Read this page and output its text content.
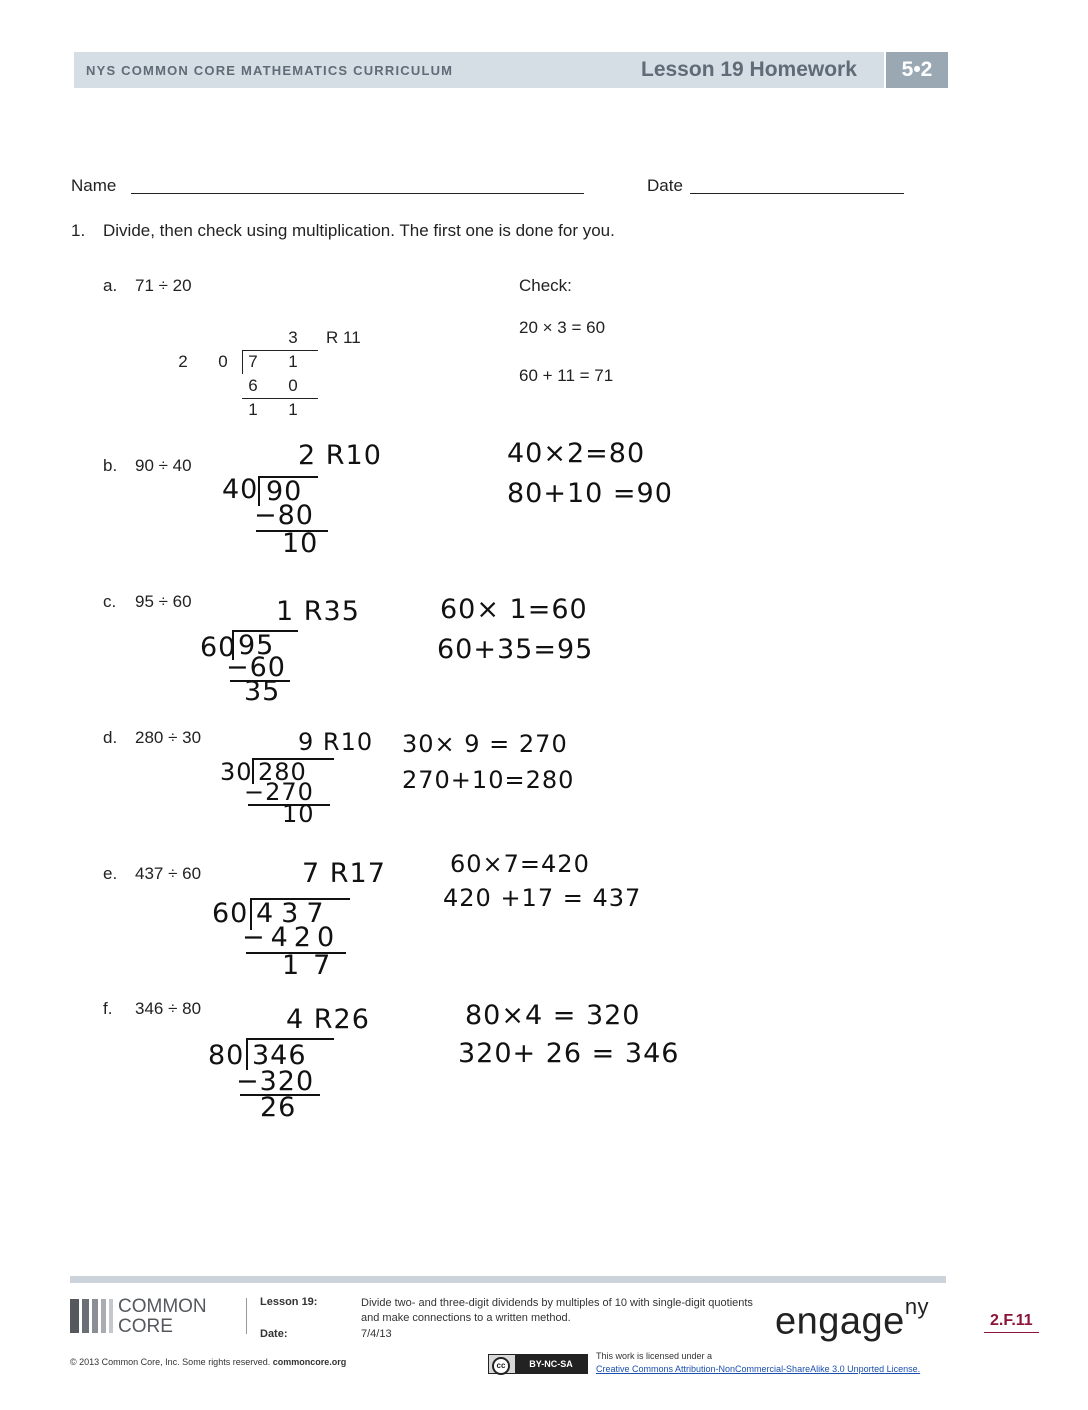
NYS COMMON CORE MATHEMATICS CURRICULUM	Lesson 19 Homework	5•2
Name	Date
1. Divide, then check using multiplication. The first one is done for you.
a. 71 ÷ 20	Check:
20 × 3 = 60
60 + 11 = 71
3	R 11
2	0	7	1
6	0
1	1
b. 90 ÷ 40	2 R10
40 90
−80
10
40×2=80
80+10 =90
c. 95 ÷ 60	1 R35
60 95
−60
35
60× 1=60
60+35=95
d. 280 ÷ 30	9 R10
30 280
−270
10
30× 9 = 270
270+10=280
e. 437 ÷ 60	7 R17
60 437
−420
17
60×7=420
420 +17 = 437
f. 346 ÷ 80	4 R26
80 346
−320
26
80×4 = 320
320+ 26 = 346
COMMON
CORE
Lesson 19:
Date:
Divide two- and three-digit dividends by multiples of 10 with single-digit quotients and make connections to a written method.
7/4/13	engage$^{ny}$
2.F.11
© 2013 Common Core, Inc. Some rights reserved. commoncore.org	cc	BY-NC-SA
This work is licensed under a
Creative Commons Attribution-NonCommercial-ShareAlike 3.0 Unported License.
